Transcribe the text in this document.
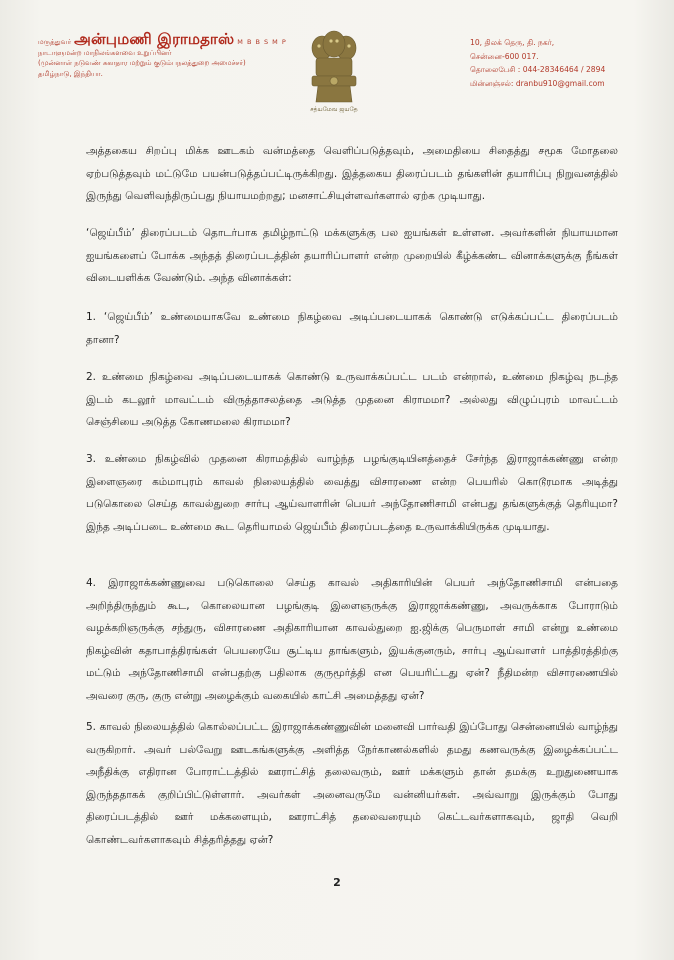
மருத்துவர் அன்புமணி இராமதாஸ் M B B S M P
நாடாளுமன்ற மாநிலங்களவை உறுப்பினர்
(முன்னாள் நடுவண் சுகாதார மற்றும் குடும்பநலத்துறை அமைச்சர்)
தமிழ்நாடு, இந்தியா.
சத்யமேவ ஜயதே
10, திலக் தெரு, தி. நகர்,
சென்னை-600 017.
தொலைபேசி : 044-28346464 / 2894
மின்னஞ்சல்: dranbu910@gmail.com

அத்தகைய சிறப்பு மிக்க ஊடகம் வன்மத்தை வெளிப்படுத்தவும், அமைதியை சிதைத்து சமூக மோதலை ஏற்படுத்தவும் மட்டுமே பயன்படுத்தப்பட்டிருக்கிறது. இத்தகைய திரைப்படம் தங்களின் தயாரிப்பு நிறுவனத்தில் இருந்து வெளிவந்திருப்பது நியாயமற்றது; மனசாட்சியுள்ளவர்களால் ஏற்க முடியாது.

‘ஜெய்பீம்’ திரைப்படம் தொடர்பாக தமிழ்நாட்டு மக்களுக்கு பல ஐயங்கள் உள்ளன. அவர்களின் நியாயமான ஐயங்களைப் போக்க அந்தத் திரைப்படத்தின் தயாரிப்பாளர் என்ற முறையில் கீழ்க்கண்ட வினாக்களுக்கு நீங்கள் விடையளிக்க வேண்டும். அந்த வினாக்கள்:

1. ‘ஜெய்பீம்’ உண்மையாகவே உண்மை நிகழ்வை அடிப்படையாகக் கொண்டு எடுக்கப்பட்ட திரைப்படம் தானா?

2. உண்மை நிகழ்வை அடிப்படையாகக் கொண்டு உருவாக்கப்பட்ட படம் என்றால், உண்மை நிகழ்வு நடந்த இடம் கடலூர் மாவட்டம் விருத்தாசலத்தை அடுத்த முதனை கிராமமா? அல்லது விழுப்புரம் மாவட்டம் செஞ்சியை அடுத்த கோணமலை கிராமமா?

3. உண்மை நிகழ்வில் முதனை கிராமத்தில் வாழ்ந்த பழங்குடியினத்தைச் சேர்ந்த இராஜாக்கண்ணு என்ற இளைஞரை கம்மாபுரம் காவல் நிலையத்தில் வைத்து விசாரணை என்ற பெயரில் கொடூரமாக அடித்து படுகொலை செய்த காவல்துறை சார்பு ஆய்வாளரின் பெயர் அந்தோணிசாமி என்பது தங்களுக்குத் தெரியுமா? இந்த அடிப்படை உண்மை கூட தெரியாமல் ஜெய்பீம் திரைப்படத்தை உருவாக்கியிருக்க முடியாது.

4. இராஜாக்கண்ணுவை படுகொலை செய்த காவல் அதிகாரியின் பெயர் அந்தோணிசாமி என்பதை அறிந்திருந்தும் கூட, கொலையான பழங்குடி இளைஞருக்கு இராஜாக்கண்ணு, அவருக்காக போராடும் வழக்கறிஞருக்கு சந்துரு, விசாரணை அதிகாரியான காவல்துறை ஐ.ஜிக்கு பெருமாள் சாமி என்று உண்மை நிகழ்வின் கதாபாத்திரங்கள் பெயரையே சூட்டிய தாங்களும், இயக்குனரும், சார்பு ஆய்வாளர் பாத்திரத்திற்கு மட்டும் அந்தோணிசாமி என்பதற்கு பதிலாக குருமூர்த்தி என பெயரிட்டது ஏன்? நீதிமன்ற விசாரணையில் அவரை குரு, குரு என்று அழைக்கும் வகையில் காட்சி அமைத்தது ஏன்?

5. காவல் நிலையத்தில் கொல்லப்பட்ட இராஜாக்கண்ணுவின் மனைவி பார்வதி இப்போது சென்னையில் வாழ்ந்து வருகிறார். அவர் பல்வேறு ஊடகங்களுக்கு அளித்த நேர்காணல்களில் தமது கணவருக்கு இழைக்கப்பட்ட அநீதிக்கு எதிரான போராட்டத்தில் ஊராட்சித் தலைவரும், ஊர் மக்களும் தான் தமக்கு உறுதுணையாக இருந்ததாகக் குறிப்பிட்டுள்ளார். அவர்கள் அனைவருமே வன்னியர்கள். அவ்வாறு இருக்கும் போது திரைப்படத்தில் ஊர் மக்களையும், ஊராட்சித் தலைவரையும் கெட்டவர்களாகவும், ஜாதி வெறி கொண்டவர்களாகவும் சித்தரித்தது ஏன்?

2
